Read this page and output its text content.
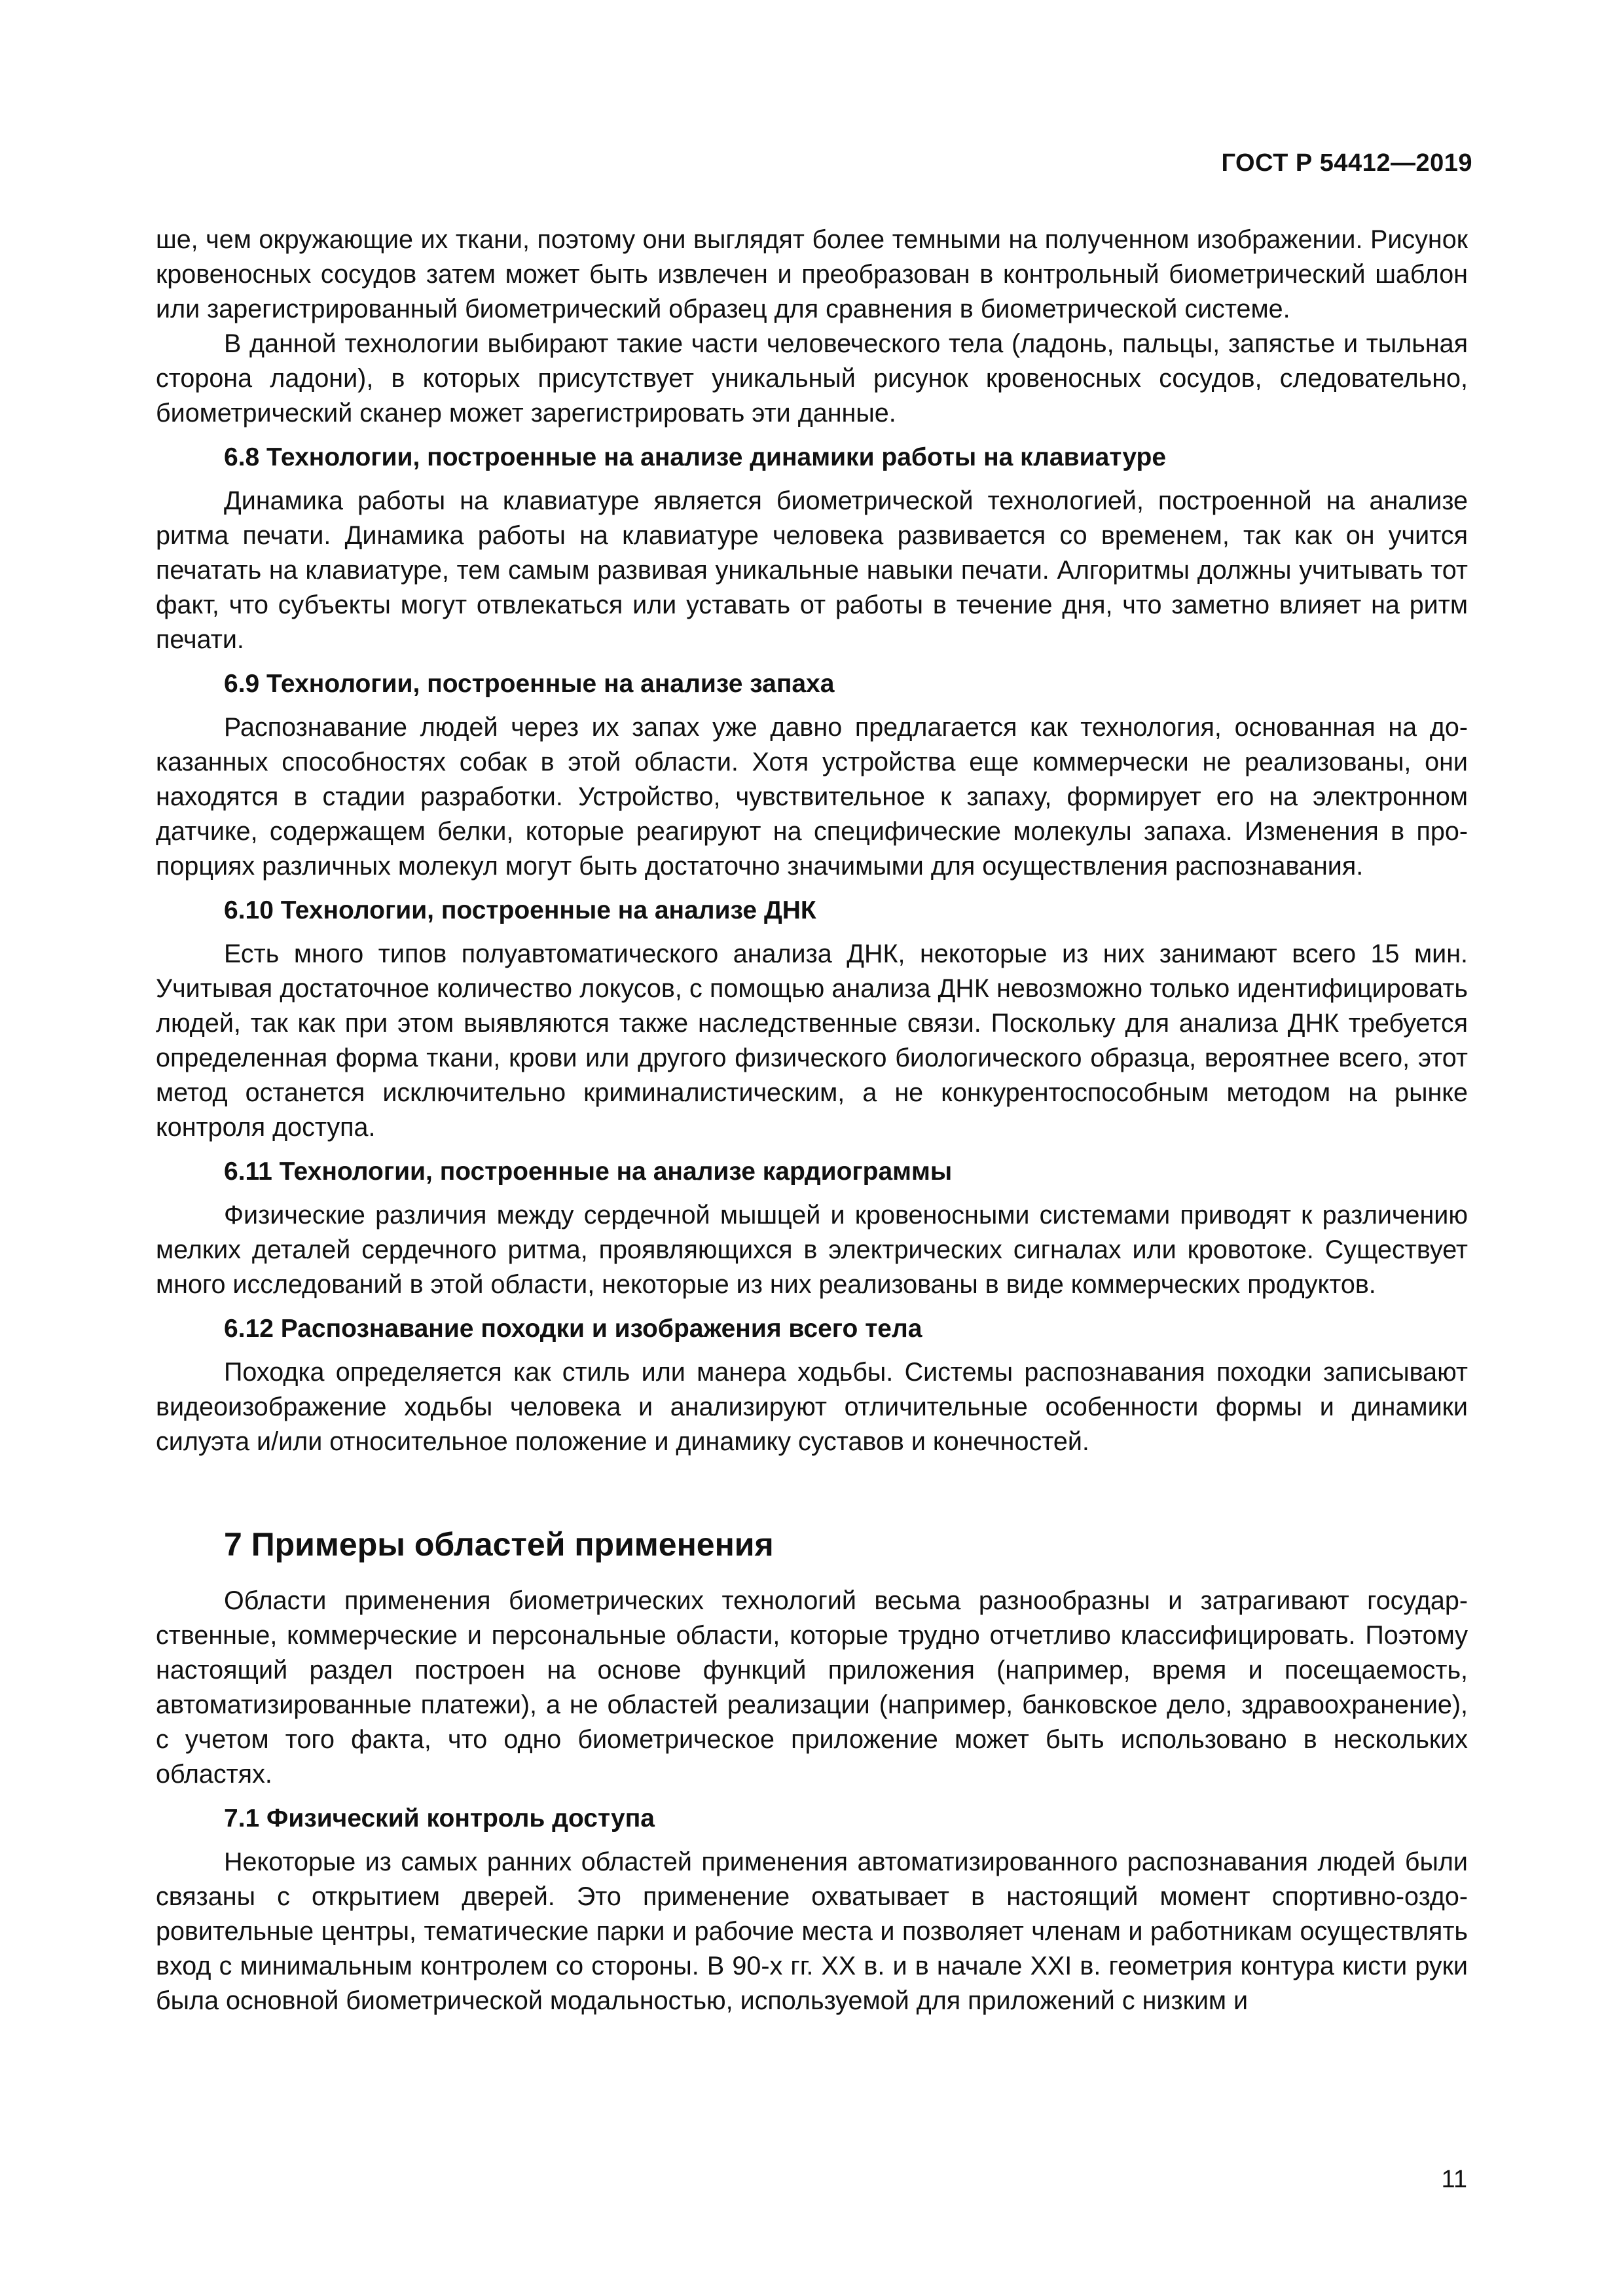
ГОСТ Р 54412—2019

ше, чем окружающие их ткани, поэтому они выглядят более темными на полученном изображении. Рисунок кровеносных сосудов затем может быть извлечен и преобразован в контрольный биометрический шаблон или зарегистрированный биометрический образец для сравнения в биометрической системе.

В данной технологии выбирают такие части человеческого тела (ладонь, пальцы, запястье и тыльная сторона ладони), в которых присутствует уникальный рисунок кровеносных сосудов, следовательно, биометрический сканер может зарегистрировать эти данные.

6.8 Технологии, построенные на анализе динамики работы на клавиатуре

Динамика работы на клавиатуре является биометрической технологией, построенной на анализе ритма печати. Динамика работы на клавиатуре человека развивается со временем, так как он учится печатать на клавиатуре, тем самым развивая уникальные навыки печати. Алгоритмы должны учитывать тот факт, что субъекты могут отвлекаться или уставать от работы в течение дня, что заметно влияет на ритм печати.

6.9 Технологии, построенные на анализе запаха

Распознавание людей через их запах уже давно предлагается как технология, основанная на доказанных способностях собак в этой области. Хотя устройства еще коммерчески не реализованы, они находятся в стадии разработки. Устройство, чувствительное к запаху, формирует его на электронном датчике, содержащем белки, которые реагируют на специфические молекулы запаха. Изменения в пропорциях различных молекул могут быть достаточно значимыми для осуществления распознавания.

6.10 Технологии, построенные на анализе ДНК

Есть много типов полуавтоматического анализа ДНК, некоторые из них занимают всего 15 мин. Учитывая достаточное количество локусов, с помощью анализа ДНК невозможно только идентифицировать людей, так как при этом выявляются также наследственные связи. Поскольку для анализа ДНК требуется определенная форма ткани, крови или другого физического биологического образца, вероятнее всего, этот метод останется исключительно криминалистическим, а не конкурентоспособным методом на рынке контроля доступа.

6.11 Технологии, построенные на анализе кардиограммы

Физические различия между сердечной мышцей и кровеносными системами приводят к различению мелких деталей сердечного ритма, проявляющихся в электрических сигналах или кровотоке. Существует много исследований в этой области, некоторые из них реализованы в виде коммерческих продуктов.

6.12 Распознавание походки и изображения всего тела

Походка определяется как стиль или манера ходьбы. Системы распознавания походки записывают видеоизображение ходьбы человека и анализируют отличительные особенности формы и динамики силуэта и/или относительное положение и динамику суставов и конечностей.

7 Примеры областей применения

Области применения биометрических технологий весьма разнообразны и затрагивают государственные, коммерческие и персональные области, которые трудно отчетливо классифицировать. Поэтому настоящий раздел построен на основе функций приложения (например, время и посещаемость, автоматизированные платежи), а не областей реализации (например, банковское дело, здравоохранение), с учетом того факта, что одно биометрическое приложение может быть использовано в нескольких областях.

7.1 Физический контроль доступа

Некоторые из самых ранних областей применения автоматизированного распознавания людей были связаны с открытием дверей. Это применение охватывает в настоящий момент спортивно-оздоровительные центры, тематические парки и рабочие места и позволяет членам и работникам осуществлять вход с минимальным контролем со стороны. В 90-х гг. XX в. и в начале XXI в. геометрия контура кисти руки была основной биометрической модальностью, используемой для приложений с низким и

11
